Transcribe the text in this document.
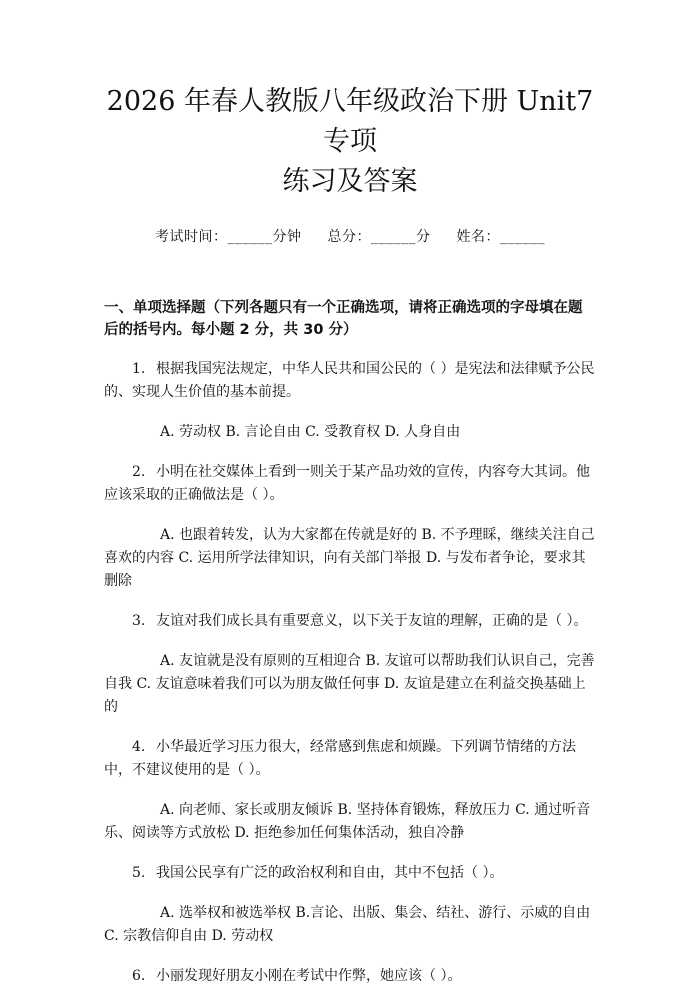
2026 年春人教版八年级政治下册 Unit7 专项
练习及答案
考试时间：______分钟 总分：______分 姓名：______
一、单项选择题（下列各题只有一个正确选项，请将正确选项的字母填在题后的括号内。每小题 2 分，共 30 分）
1. 根据我国宪法规定，中华人民共和国公民的（ ）是宪法和法律赋予公民的、实现人生价值的基本前提。
A. 劳动权 B. 言论自由 C. 受教育权 D. 人身自由
2. 小明在社交媒体上看到一则关于某产品功效的宣传，内容夸大其词。他应该采取的正确做法是（ ）。
A. 也跟着转发，认为大家都在传就是好的 B. 不予理睬，继续关注自己喜欢的内容 C. 运用所学法律知识，向有关部门举报 D. 与发布者争论，要求其删除
3. 友谊对我们成长具有重要意义，以下关于友谊的理解，正确的是（ ）。
A. 友谊就是没有原则的互相迎合 B. 友谊可以帮助我们认识自己，完善自我 C. 友谊意味着我们可以为朋友做任何事 D. 友谊是建立在利益交换基础上的
4. 小华最近学习压力很大，经常感到焦虑和烦躁。下列调节情绪的方法中，不建议使用的是（ ）。
A. 向老师、家长或朋友倾诉 B. 坚持体育锻炼，释放压力 C. 通过听音乐、阅读等方式放松 D. 拒绝参加任何集体活动，独自冷静
5. 我国公民享有广泛的政治权利和自由，其中不包括（ ）。
A. 选举权和被选举权 B.言论、出版、集会、结社、游行、示威的自由 C. 宗教信仰自由 D. 劳动权
6. 小丽发现好朋友小刚在考试中作弊，她应该（ ）。
